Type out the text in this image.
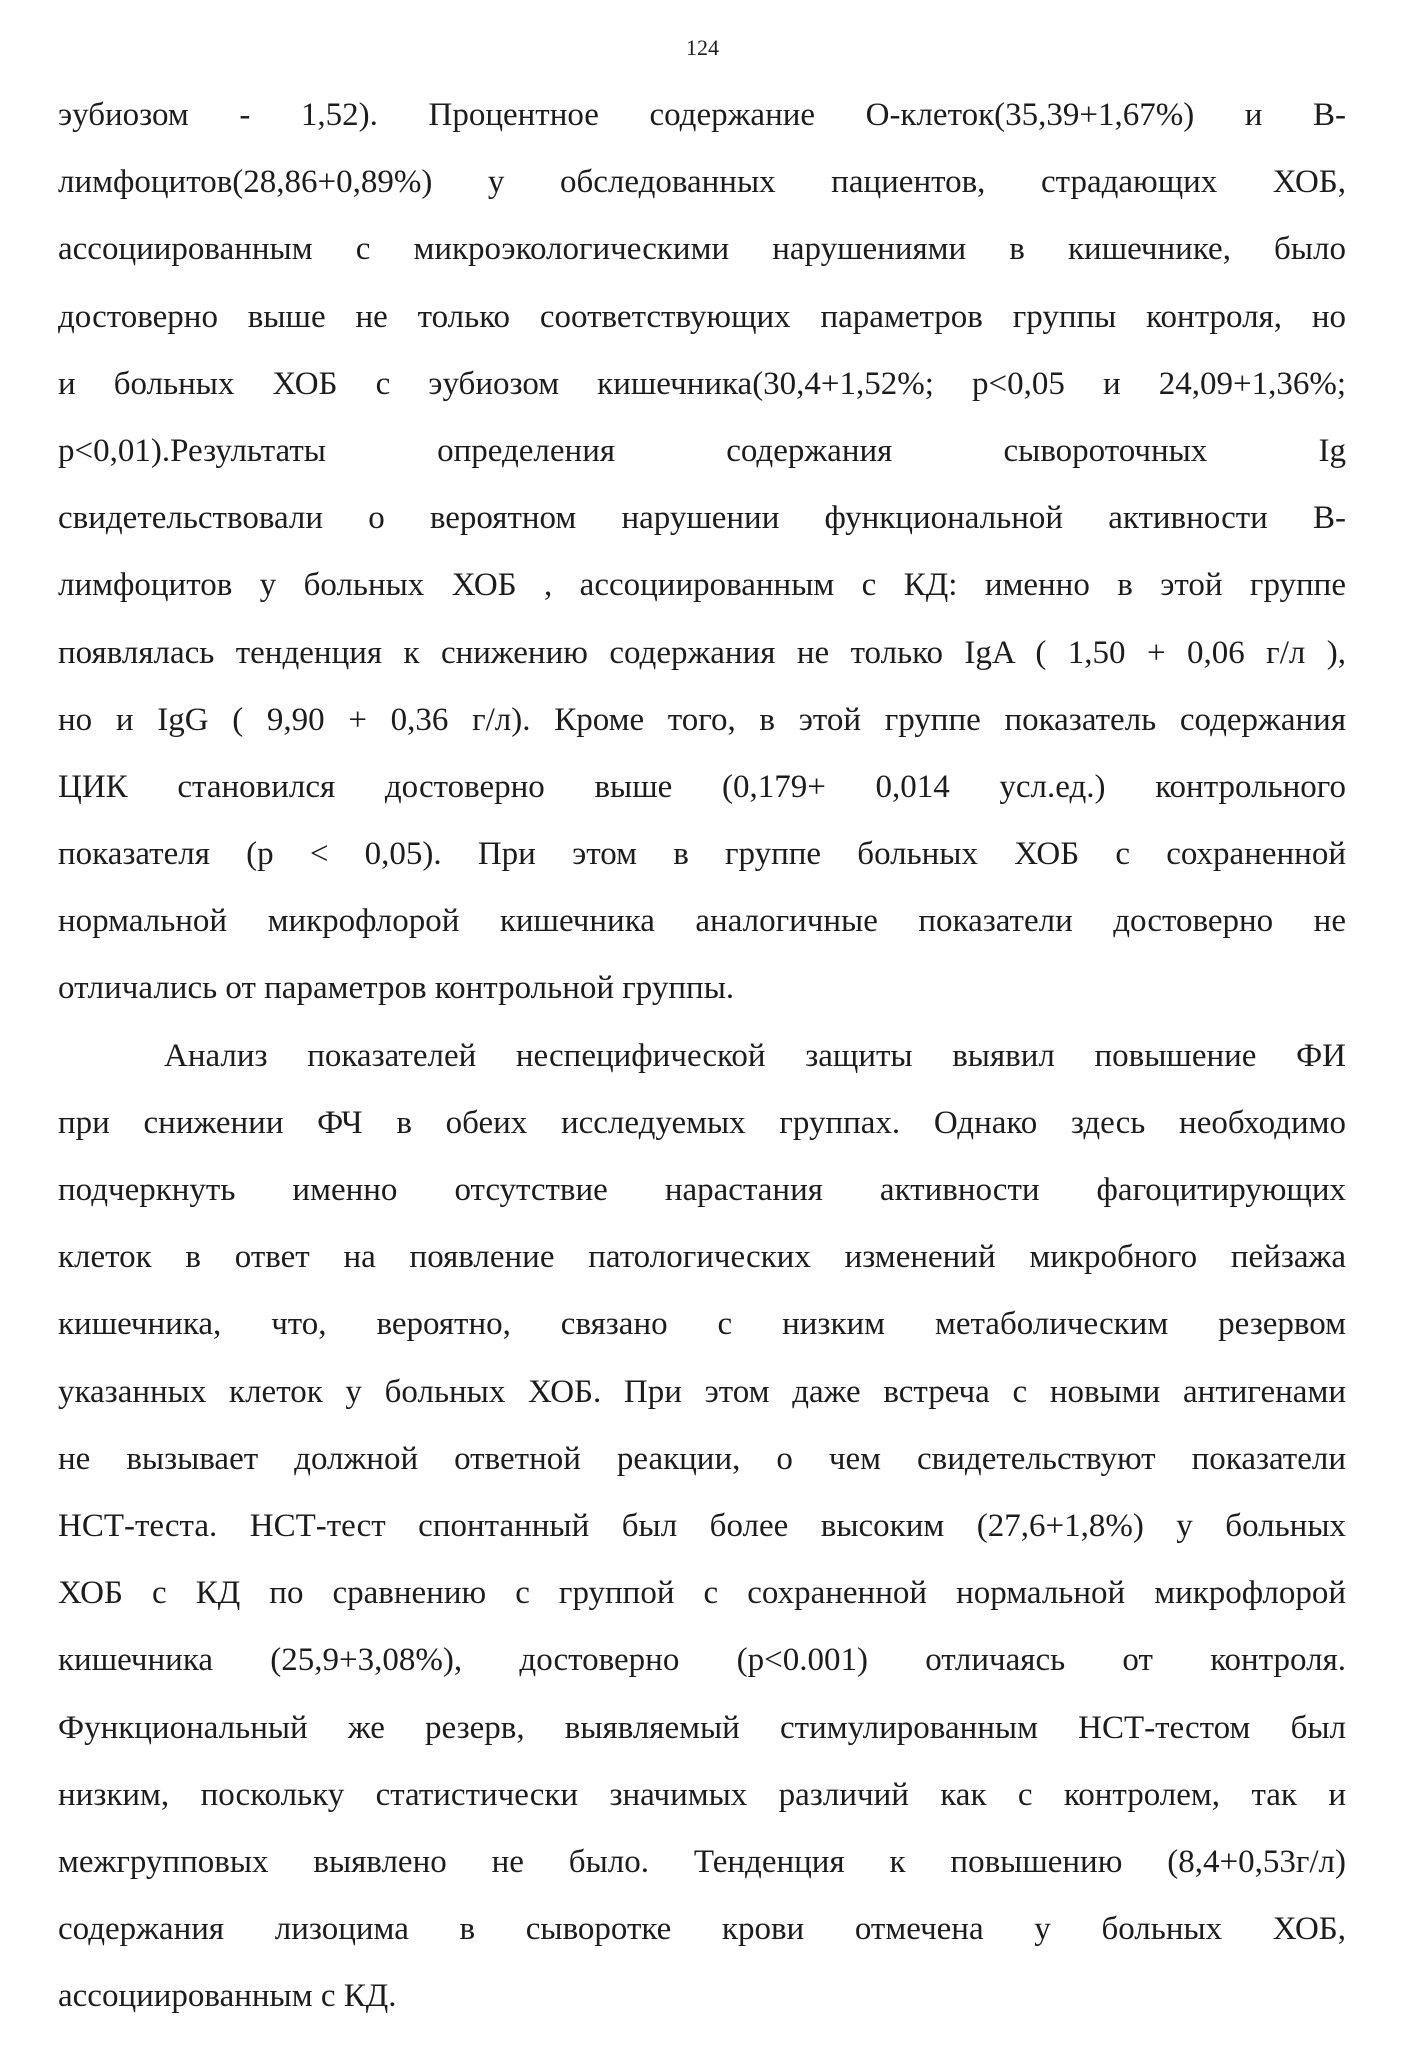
124
эубиозом - 1,52). Процентное содержание О-клеток(35,39+1,67%) и В-
лимфоцитов(28,86+0,89%) у обследованных пациентов, страдающих ХОБ,
ассоциированным с микроэкологическими нарушениями в кишечнике, было
достоверно выше не только соответствующих параметров группы контроля, но
и больных ХОБ с эубиозом кишечника(30,4+1,52%; p<0,05 и 24,09+1,36%;
p<0,01).Результаты определения содержания сывороточных Ig
свидетельствовали о вероятном нарушении функциональной активности В-
лимфоцитов у больных ХОБ , ассоциированным с КД: именно в этой группе
появлялась тенденция к снижению содержания не только IgA ( 1,50 + 0,06 г/л ),
но и IgG ( 9,90 + 0,36 г/л). Кроме того, в этой группе показатель содержания
ЦИК становился достоверно выше (0,179+ 0,014 усл.ед.) контрольного
показателя (р < 0,05). При этом в группе больных ХОБ с сохраненной
нормальной микрофлорой кишечника аналогичные показатели достоверно не
отличались от параметров контрольной группы.
Анализ показателей неспецифической защиты выявил повышение ФИ
при снижении ФЧ в обеих исследуемых группах. Однако здесь необходимо
подчеркнуть именно отсутствие нарастания активности фагоцитирующих
клеток в ответ на появление патологических изменений микробного пейзажа
кишечника, что, вероятно, связано с низким метаболическим резервом
указанных клеток у больных ХОБ. При этом даже встреча с новыми антигенами
не вызывает должной ответной реакции, о чем свидетельствуют показатели
НСТ-теста. НСТ-тест спонтанный был более высоким (27,6+1,8%) у больных
ХОБ с КД по сравнению с группой с сохраненной нормальной микрофлорой
кишечника (25,9+3,08%), достоверно (р<0.001) отличаясь от контроля.
Функциональный же резерв, выявляемый стимулированным НСТ-тестом был
низким, поскольку статистически значимых различий как с контролем, так и
межгрупповых выявлено не было. Тенденция к повышению (8,4+0,53г/л)
содержания лизоцима в сыворотке крови отмечена у больных ХОБ,
ассоциированным с КД.
